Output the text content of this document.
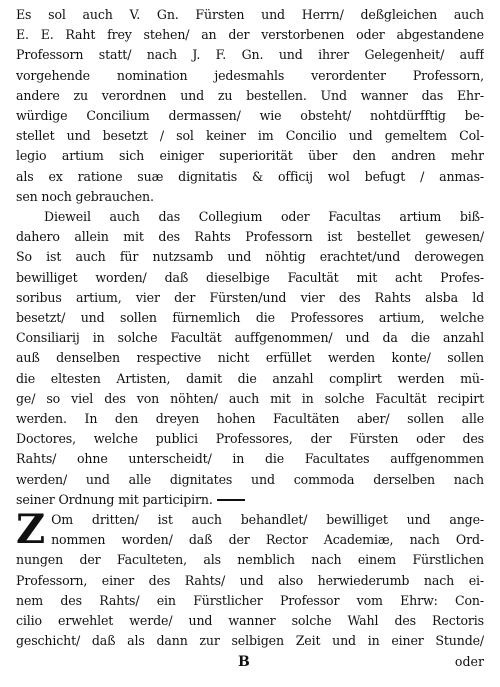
Es sol auch V. Gn. Fürsten und Herrn/ deßgleichen auch
E. E. Raht frey stehen/ an der verstorbenen oder abgestandene
Professorn statt/ nach J. F. Gn. und ihrer Gelegenheit/ auff
vorgehende nomination jedesmahls verordenter Professorn,
andere zu verordnen und zu bestellen. Und wanner das Ehr-
würdige Concilium dermassen/ wie obsteht/ nohtdürfftig be-
stellet und besetzt / sol keiner im Concilio und gemeltem Col-
legio artium sich einiger superiorität über den andren mehr
als ex ratione suæ dignitatis & officij wol befugt / anmas-
sen noch gebrauchen.
Dieweil auch das Collegium oder Facultas artium biß-
dahero allein mit des Rahts Professorn ist bestellet gewesen/
So ist auch für nutzsamb und nöhtig erachtet/und derowegen
bewilliget worden/ daß dieselbige Facultät mit acht Profes-
soribus artium, vier der Fürsten/und vier des Rahts alsba ld
besetzt/ und sollen fürnemlich die Professores artium, welche
Consiliarij in solche Facultät auffgenommen/ und da die anzahl
auß denselben respective nicht erfüllet werden konte/ sollen
die eltesten Artisten, damit die anzahl complirt werden mü-
ge/ so viel des von nöhten/ auch mit in solche Facultät recipirt
werden. In den dreyen hohen Facultäten aber/ sollen alle
Doctores, welche publici Professores, der Fürsten oder des
Rahts/ ohne unterscheidt/ in die Facultates auffgenommen
werden/ und alle dignitates und commoda derselben nach
seiner Ordnung mit participirn.
Z Om dritten/ ist auch behandlet/ bewilliget und ange-
nommen worden/ daß der Rector Academiæ, nach Ord-
nungen der Faculteten, als nemblich nach einem Fürstlichen
Professorn, einer des Rahts/ und also herwiederumb nach ei-
nem des Rahts/ ein Fürstlicher Professor vom Ehrw: Con-
cilio erwehlet werde/ und wanner solche Wahl des Rectoris
geschicht/ daß als dann zur selbigen Zeit und in einer Stunde/
B	oder
